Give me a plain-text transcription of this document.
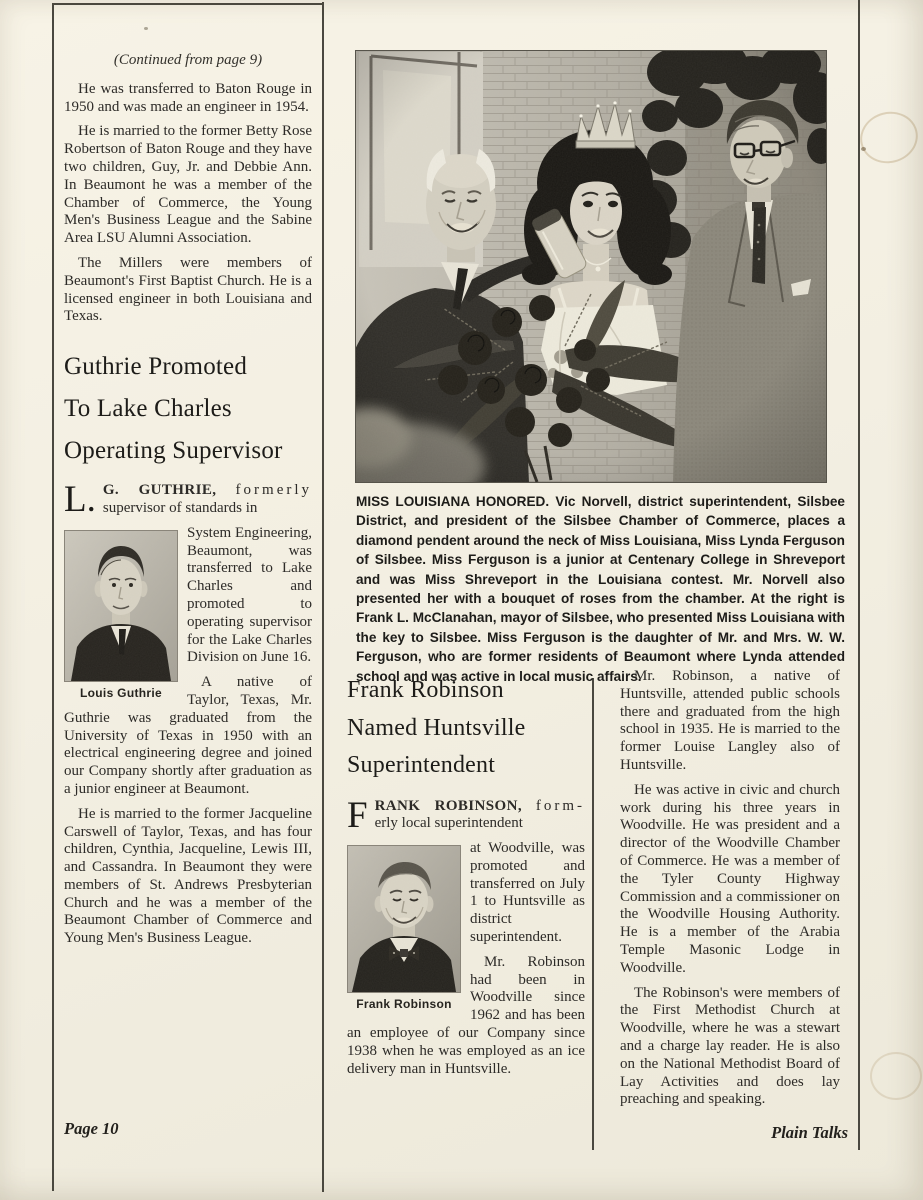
(Continued from page 9)

He was transferred to Baton Rouge in 1950 and was made an engineer in 1954.

He is married to the former Betty Rose Robertson of Baton Rouge and they have two children, Guy, Jr. and Debbie Ann. In Beaumont he was a member of the Chamber of Commerce, the Young Men's Business League and the Sabine Area LSU Alumni Association.

The Millers were members of Beaumont's First Baptist Church. He is a licensed engineer in both Louisiana and Texas.

Guthrie Promoted
To Lake Charles
Operating Supervisor

L. G. GUTHRIE, formerly supervisor of standards in

Louis Guthrie

System Engineering, Beaumont, was transferred to Lake Charles and promoted to operating supervisor for the Lake Charles Division on June 16.

A native of Taylor, Texas, Mr. Guthrie was graduated from the University of Texas in 1950 with an electrical engineering degree and joined our Company shortly after graduation as a junior engineer at Beaumont.

He is married to the former Jacqueline Carswell of Taylor, Texas, and has four children, Cynthia, Jacqueline, Lewis III, and Cassandra. In Beaumont they were members of St. Andrews Presbyterian Church and he was a member of the Beaumont Chamber of Commerce and Young Men's Business League.

MISS LOUISIANA HONORED. Vic Norvell, district superintendent, Silsbee District, and president of the Silsbee Chamber of Commerce, places a diamond pendent around the neck of Miss Louisiana, Miss Lynda Ferguson of Silsbee. Miss Ferguson is a junior at Centenary College in Shreveport and was Miss Shreveport in the Louisiana contest. Mr. Norvell also presented her with a bouquet of roses from the chamber. At the right is Frank L. McClanahan, mayor of Silsbee, who presented Miss Louisiana with the key to Silsbee. Miss Ferguson is the daughter of Mr. and Mrs. W. W. Ferguson, who are former residents of Beaumont where Lynda attended school and was active in local music affairs.
Frank Robinson
Named Huntsville
Superintendent

FRANK ROBINSON, form-erly local superintendent

Frank Robinson

at Woodville, was promoted and transferred on July 1 to Huntsville as district superintendent.

Mr. Robinson had been in Woodville since 1962 and has been an employee of our Company since 1938 when he was employed as an ice delivery man in Huntsville.

Mr. Robinson, a native of Huntsville, attended public schools there and graduated from the high school in 1935. He is married to the former Louise Langley also of Huntsville.

He was active in civic and church work during his three years in Woodville. He was president and a director of the Woodville Chamber of Commerce. He was a member of the Tyler County Highway Commission and a commissioner on the Woodville Housing Authority. He is a member of the Arabia Temple Masonic Lodge in Woodville.

The Robinson's were members of the First Methodist Church at Woodville, where he was a stewart and a charge lay reader. He is also on the National Methodist Board of Lay Activities and does lay preaching and speaking.

Page 10	Plain Talks
